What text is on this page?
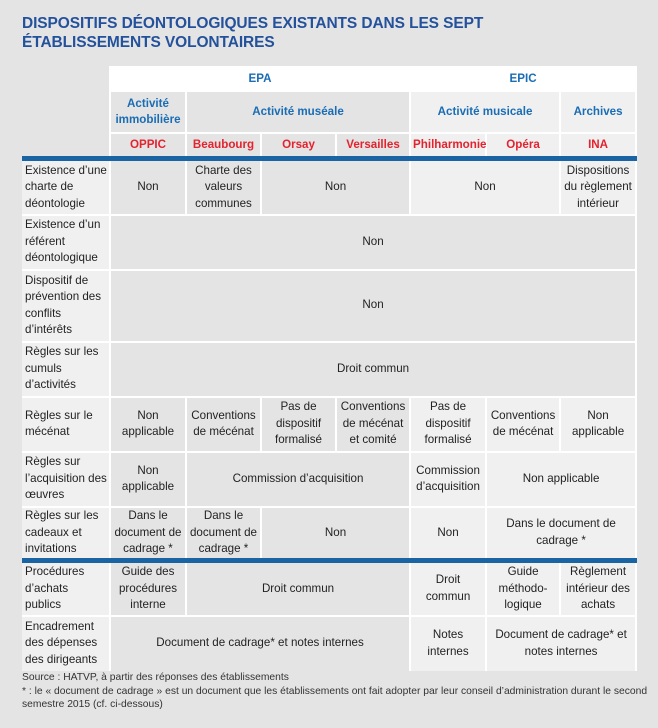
DISPOSITIFS DÉONTOLOGIQUES EXISTANTS DANS LES SEPT ÉTABLISSEMENTS VOLONTAIRES
	EPA				EPIC		
	Activité immobilière	Activité muséale			Activité musicale		Archives
	OPPIC	Beaubourg	Orsay	Versailles	Philharmonie	Opéra	INA
Existence d’une charte de déontologie	Non	Charte des valeurs communes	Non		Non		Dispositions du règlement intérieur
Existence d’un référent déontologique	Non						
Dispositif de prévention des conflits d’intérêts	Non						
Règles sur les cumuls d’activités	Droit commun						
Règles sur le mécénat	Non applicable	Conventions de mécénat	Pas de dispositif formalisé	Conventions de mécénat et comité	Pas de dispositif formalisé	Conventions de mécénat	Non applicable
Règles sur l’acquisition des œuvres	Non applicable	Commission d’acquisition			Commission d’acquisition	Non applicable	
Règles sur les cadeaux et invitations	Dans le document de cadrage *	Dans le document de cadrage *	Non		Non	Dans le document de cadrage *	
Procédures d’achats publics	Guide des procédures interne	Droit commun			Droit commun	Guide méthodo-logique	Règlement intérieur des achats
Encadrement des dépenses des dirigeants	Document de cadrage* et notes internes				Notes internes	Document de cadrage* et notes internes	
Source : HATVP, à partir des réponses des établissements
* : le « document de cadrage » est un document que les établissements ont fait adopter par leur conseil d’administration durant le second semestre 2015 (cf. ci-dessous)
